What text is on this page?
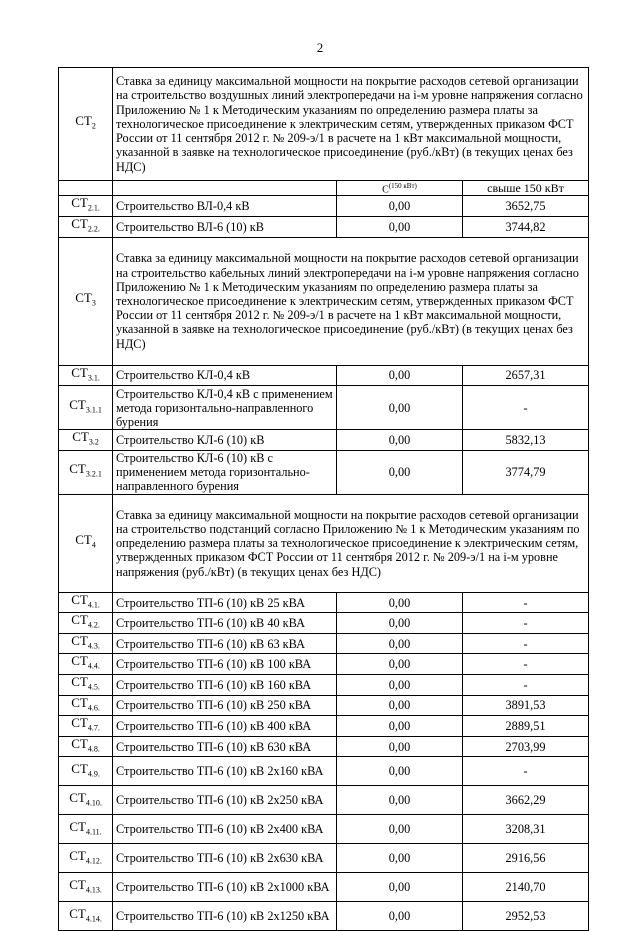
2
$СТ_2$	Ставка за единицу максимальной мощности на покрытие расходов сетевой организации на строительство воздушных линий электропередачи на i-м уровне напряжения согласно Приложению № 1 к Методическим указаниям по определению размера платы за технологическое присоединение к электрическим сетям, утвержденных приказом ФСТ России от 11 сентября 2012 г. № 209-э/1 в расчете на 1 кВт максимальной мощности, указанной в заявке на технологическое присоединение (руб./кВт) (в текущих ценах без НДС)		
		$С^{(150 кВт)}$	свыше 150 кВт
$СТ_{2.1.}$	Строительство ВЛ-0,4 кВ	0,00	3652,75
$СТ_{2.2.}$	Строительство ВЛ-6 (10) кВ	0,00	3744,82
$СТ_3$	Ставка за единицу максимальной мощности на покрытие расходов сетевой организации на строительство кабельных линий электропередачи на i-м уровне напряжения согласно Приложению № 1 к Методическим указаниям по определению размера платы за технологическое присоединение к электрическим сетям, утвержденных приказом ФСТ России от 11 сентября 2012 г. № 209-э/1 в расчете на 1 кВт максимальной мощности, указанной в заявке на технологическое присоединение (руб./кВт) (в текущих ценах без НДС)		
$СТ_{3.1.}$	Строительство КЛ-0,4 кВ	0,00	2657,31
$СТ_{3.1.1}$	Строительство КЛ-0,4 кВ с применением метода горизонтально-направленного бурения	0,00	-
$СТ_{3.2}$	Строительство КЛ-6 (10) кВ	0,00	5832,13
$СТ_{3.2.1}$	Строительство КЛ-6 (10) кВ с применением метода горизонтально-направленного бурения	0,00	3774,79
$СТ_4$	Ставка за единицу максимальной мощности на покрытие расходов сетевой организации на строительство подстанций согласно Приложению № 1 к Методическим указаниям по определению размера платы за технологическое присоединение к электрическим сетям, утвержденных приказом ФСТ России от 11 сентября 2012 г. № 209-э/1 на i-м уровне напряжения (руб./кВт) (в текущих ценах без НДС)		
$СТ_{4.1.}$	Строительство ТП-6 (10) кВ 25 кВА	0,00	-
$СТ_{4.2.}$	Строительство ТП-6 (10) кВ 40 кВА	0,00	-
$СТ_{4.3.}$	Строительство ТП-6 (10) кВ 63 кВА	0,00	-
$СТ_{4.4.}$	Строительство ТП-6 (10) кВ 100 кВА	0,00	-
$СТ_{4.5.}$	Строительство ТП-6 (10) кВ 160 кВА	0,00	-
$СТ_{4.6.}$	Строительство ТП-6 (10) кВ 250 кВА	0,00	3891,53
$СТ_{4.7.}$	Строительство ТП-6 (10) кВ 400 кВА	0,00	2889,51
$СТ_{4.8.}$	Строительство ТП-6 (10) кВ 630 кВА	0,00	2703,99
$СТ_{4.9.}$	Строительство ТП-6 (10) кВ 2х160 кВА	0,00	-
$СТ_{4.10.}$	Строительство ТП-6 (10) кВ 2х250 кВА	0,00	3662,29
$СТ_{4.11.}$	Строительство ТП-6 (10) кВ 2х400 кВА	0,00	3208,31
$СТ_{4.12.}$	Строительство ТП-6 (10) кВ 2х630 кВА	0,00	2916,56
$СТ_{4.13.}$	Строительство ТП-6 (10) кВ 2х1000 кВА	0,00	2140,70
$СТ_{4.14.}$	Строительство ТП-6 (10) кВ 2х1250 кВА	0,00	2952,53
